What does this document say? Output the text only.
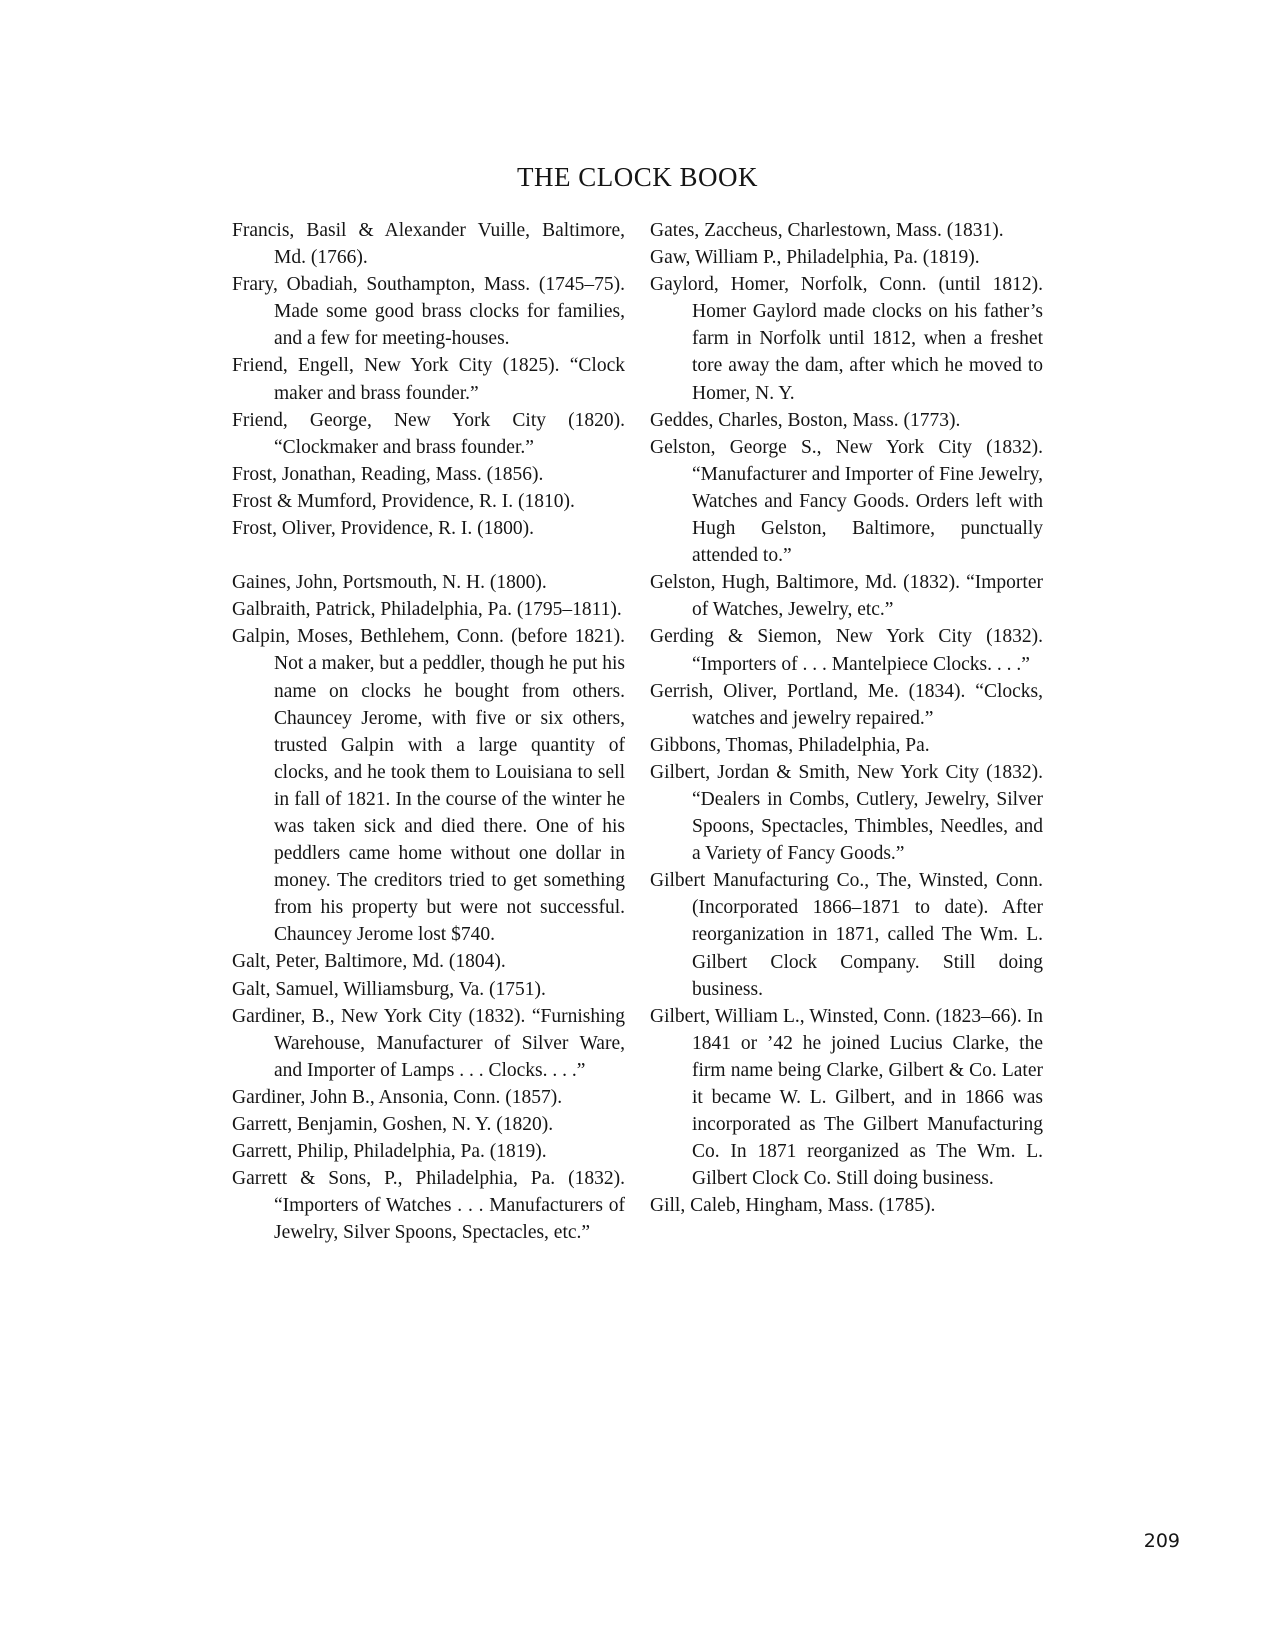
THE CLOCK BOOK

Francis, Basil & Alexander Vuille, Baltimore, Md. (1766).

Frary, Obadiah, Southampton, Mass. (1745–75). Made some good brass clocks for families, and a few for meeting-houses.

Friend, Engell, New York City (1825). “Clock maker and brass founder.”

Friend, George, New York City (1820). “Clockmaker and brass founder.”

Frost, Jonathan, Reading, Mass. (1856).

Frost & Mumford, Providence, R. I. (1810).

Frost, Oliver, Providence, R. I. (1800).

Gaines, John, Portsmouth, N. H. (1800).

Galbraith, Patrick, Philadelphia, Pa. (1795–1811).

Galpin, Moses, Bethlehem, Conn. (before 1821). Not a maker, but a peddler, though he put his name on clocks he bought from others. Chauncey Jerome, with five or six others, trusted Galpin with a large quantity of clocks, and he took them to Louisiana to sell in fall of 1821. In the course of the winter he was taken sick and died there. One of his peddlers came home without one dollar in money. The creditors tried to get something from his property but were not successful. Chauncey Jerome lost $740.

Galt, Peter, Baltimore, Md. (1804).

Galt, Samuel, Williamsburg, Va. (1751).

Gardiner, B., New York City (1832). “Furnishing Warehouse, Manufacturer of Silver Ware, and Importer of Lamps . . . Clocks. . . .”

Gardiner, John B., Ansonia, Conn. (1857).

Garrett, Benjamin, Goshen, N. Y. (1820).

Garrett, Philip, Philadelphia, Pa. (1819).

Garrett & Sons, P., Philadelphia, Pa. (1832). “Importers of Watches . . . Manufacturers of Jewelry, Silver Spoons, Spectacles, etc.”

Gates, Zaccheus, Charlestown, Mass. (1831).

Gaw, William P., Philadelphia, Pa. (1819).

Gaylord, Homer, Norfolk, Conn. (until 1812). Homer Gaylord made clocks on his father’s farm in Norfolk until 1812, when a freshet tore away the dam, after which he moved to Homer, N. Y.

Geddes, Charles, Boston, Mass. (1773).

Gelston, George S., New York City (1832). “Manufacturer and Importer of Fine Jewelry, Watches and Fancy Goods. Orders left with Hugh Gelston, Baltimore, punctually attended to.”

Gelston, Hugh, Baltimore, Md. (1832). “Importer of Watches, Jewelry, etc.”

Gerding & Siemon, New York City (1832). “Importers of . . . Mantelpiece Clocks. . . .”

Gerrish, Oliver, Portland, Me. (1834). “Clocks, watches and jewelry repaired.”

Gibbons, Thomas, Philadelphia, Pa.

Gilbert, Jordan & Smith, New York City (1832). “Dealers in Combs, Cutlery, Jewelry, Silver Spoons, Spectacles, Thimbles, Needles, and a Variety of Fancy Goods.”

Gilbert Manufacturing Co., The, Winsted, Conn. (Incorporated 1866–1871 to date). After reorganization in 1871, called The Wm. L. Gilbert Clock Company. Still doing business.

Gilbert, William L., Winsted, Conn. (1823–66). In 1841 or ’42 he joined Lucius Clarke, the firm name being Clarke, Gilbert & Co. Later it became W. L. Gilbert, and in 1866 was incorporated as The Gilbert Manufacturing Co. In 1871 reorganized as The Wm. L. Gilbert Clock Co. Still doing business.

Gill, Caleb, Hingham, Mass. (1785).

209
